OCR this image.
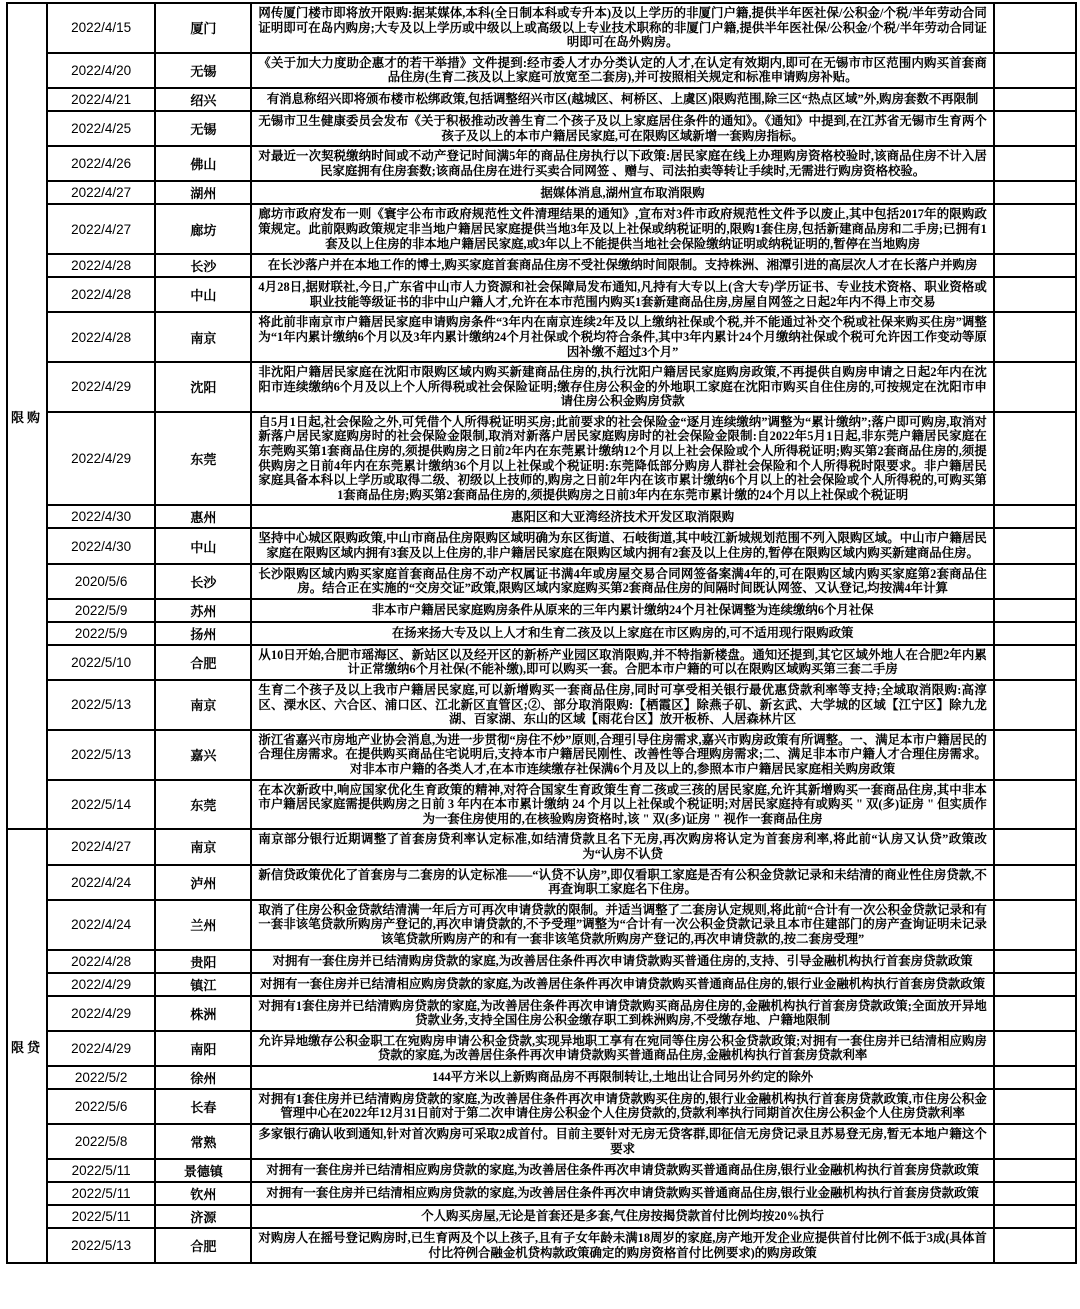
限购	2022/4/15	厦门	网传厦门楼市即将放开限购:据某媒体,本科(全日制本科或专升本)及以上学历的非厦门户籍,提供半年医社保/公积金/个税/半年劳动合同证明即可在岛内购房;大专及以上学历或中级以上或高级以上专业技术职称的非厦门户籍,提供半年医社保/公积金/个税/半年劳动合同证明即可在岛外购房。	
	2022/4/20	无锡	《关于加大力度助企惠才的若干举措》文件提到:经市委人才办分类认定的人才,在认定有效期内,即可在无锡市市区范围内购买首套商品住房(生育二孩及以上家庭可放宽至二套房),并可按照相关规定和标准申请购房补贴。	
	2022/4/21	绍兴	有消息称绍兴即将颁布楼市松绑政策,包括调整绍兴市区(越城区、柯桥区、上虞区)限购范围,除三区“热点区域”外,购房套数不再限制	
	2022/4/25	无锡	无锡市卫生健康委员会发布《关于积极推动改善生育二个孩子及以上家庭居住条件的通知》。《通知》中提到,在江苏省无锡市生育两个孩子及以上的本市户籍居民家庭,可在限购区域新增一套购房指标。	
	2022/4/26	佛山	对最近一次契税缴纳时间或不动产登记时间满5年的商品住房执行以下政策:居民家庭在线上办理购房资格校验时,该商品住房不计入居民家庭拥有住房套数;该商品住房在进行买卖合同网签 、赠与、司法拍卖等转让手续时,无需进行购房资格校验。	
	2022/4/27	湖州	据媒体消息,湖州宣布取消限购	
	2022/4/27	廊坊	廊坊市政府发布一则《寰宇公布市政府规范性文件清理结果的通知》,宣布对3件市政府规范性文件予以废止,其中包括2017年的限购政策规定。此前限购政策规定非当地户籍居民家庭提供当地3年及以上社保或纳税证明的,限购1套住房,包括新建商品房和二手房;已拥有1套及以上住房的非本地户籍居民家庭,或3年以上不能提供当地社会保险缴纳证明或纳税证明的,暂停在当地购房	
	2022/4/28	长沙	在长沙落户并在本地工作的博士,购买家庭首套商品住房不受社保缴纳时间限制。支持株洲、湘潭引进的高层次人才在长落户并购房	
	2022/4/28	中山	4月28日,据财联社,今日,广东省中山市人力资源和社会保障局发布通知,凡持有大专以上(含大专)学历证书、专业技术资格、职业资格或职业技能等级证书的非中山户籍人才,允许在本市范围内购买1套新建商品住房,房屋自网签之日起2年内不得上市交易	
	2022/4/28	南京	将此前非南京市户籍居民家庭申请购房条件“3年内在南京连续2年及以上缴纳社保或个税,并不能通过补交个税或社保来购买住房”调整为“1年内累计缴纳6个月以及3年内累计缴纳24个月社保或个税均符合条件,其中3年内累计24个月缴纳社保或个税可允许因工作变动等原因补缴不超过3个月”	
	2022/4/29	沈阳	非沈阳户籍居民家庭在沈阳市限购区域内购买新建商品住房的,执行沈阳户籍居民家庭购房政策,不再提供自购房申请之日起2年内在沈阳市连续缴纳6个月及以上个人所得税或社会保险证明;缴存住房公积金的外地职工家庭在沈阳市购买自住住房的,可按规定在沈阳市申请住房公积金购房贷款	
	2022/4/29	东莞	自5月1日起,社会保险之外,可凭借个人所得税证明买房;此前要求的社会保险金“逐月连续缴纳”调整为“累计缴纳”;落户即可购房,取消对新落户居民家庭购房时的社会保险金限制,取消对新落户居民家庭购房时的社会保险金限制:自2022年5月1日起,非东莞户籍居民家庭在东莞购买第1套商品住房的,须提供购房之日前2年内在东莞累计缴纳12个月以上社会保险或个人所得税证明;购买第2套商品住房的,须提供购房之日前4年内在东莞累计缴纳36个月以上社保或个税证明:东莞降低部分购房人群社会保险和个人所得税时限要求。非户籍居民家庭具备本科以上学历或取得二级、初级以上技师的,购房之日前2年内在该市累计缴纳6个月以上的社会保险或个人所得税的,可购买第1套商品住房;购买第2套商品住房的,须提供购房之日前3年内在东莞市累计缴的24个月以上社保或个税证明	
	2022/4/30	惠州	惠阳区和大亚湾经济技术开发区取消限购	
	2022/4/30	中山	坚持中心城区限购政策,中山市商品住房限购区域明确为东区街道、石岐街道,其中岐江新城规划范围不列入限购区域。中山市户籍居民家庭在限购区域内拥有3套及以上住房的,非户籍居民家庭在限购区域内拥有2套及以上住房的,暂停在限购区域内购买新建商品住房。	
	2020/5/6	长沙	长沙限购区域内购买家庭首套商品住房不动产权属证书满4年或房屋交易合同网签备案满4年的,可在限购区域内购买家庭第2套商品住房。结合正在实施的“交房交证”政策,限购区域内家庭购买第2套商品住房的间隔时间既认网签、又认登记,均按满4年计算	
	2022/5/9	苏州	非本市户籍居民家庭购房条件从原来的三年内累计缴纳24个月社保调整为连续缴纳6个月社保	
	2022/5/9	扬州	在扬来扬大专及以上人才和生育二孩及以上家庭在市区购房的,可不适用现行限购政策	
	2022/5/10	合肥	从10日开始,合肥市瑶海区、新站区以及经开区的新桥产业园区取消限购,并不特指新楼盘。通知还提到,其它区域外地人在合肥2年内累计正常缴纳6个月社保(不能补缴),即可以购买一套。合肥本市户籍的可以在限购区域购买第三套二手房	
	2022/5/13	南京	生育二个孩子及以上我市户籍居民家庭,可以新增购买一套商品住房,同时可享受相关银行最优惠贷款利率等支持;全域取消限购:高淳区、溧水区、六合区、浦口区、江北新区直管区;②、部分取消限购:【栖霞区】除燕子矶、新玄武、大学城的区域【江宁区】除九龙湖、百家湖、东山的区域【雨花台区】放开板桥、人居森林片区	
	2022/5/13	嘉兴	浙江省嘉兴市房地产业协会消息,为进一步贯彻“房住不炒”原则,合理引导住房需求,嘉兴市购房政策有所调整。一、满足本市户籍居民的合理住房需求。在提供购买商品住宅说明后,支持本市户籍居民刚性、改善性等合理购房需求;二、满足非本市户籍人才合理住房需求。对非本市户籍的各类人才,在本市连续缴存社保满6个月及以上的,参照本市户籍居民家庭相关购房政策	
	2022/5/14	东莞	在本次新政中,响应国家优化生育政策的精神,对符合国家生育政策生育二孩或三孩的居民家庭,允许其新增购买一套商品住房,其中非本市户籍居民家庭需提供购房之日前 3 年内在本市累计缴纳 24 个月以上社保或个税证明;对居民家庭持有或购买 " 双(多)证房 " 但实质作为一套住房使用的,在核验购房资格时,该 " 双(多)证房 " 视作一套商品住房	
限贷	2022/4/27	南京	南京部分银行近期调整了首套房贷利率认定标准,如结清贷款且名下无房,再次购房将认定为首套房利率,将此前“认房又认贷”政策改为“认房不认贷	
	2022/4/24	泸州	新信贷政策优化了首套房与二套房的认定标准——“认贷不认房”,即仅看职工家庭是否有公积金贷款记录和未结清的商业性住房贷款,不再查询职工家庭名下住房。	
	2022/4/24	兰州	取消了住房公积金贷款结清满一年后方可再次申请贷款的限制。并适当调整了二套房认定规则,将此前“合计有一次公积金贷款记录和有一套非该笔贷款所购房产登记的,再次申请贷款的,不予受理”调整为“合计有一次公积金贷款记录且本市住建部门的房产查询证明未记录该笔贷款所购房产的和有一套非该笔贷款所购房产登记的,再次申请贷款的,按二套房受理”	
	2022/4/28	贵阳	对拥有一套住房并已结清购房贷款的家庭,为改善居住条件再次申请贷款购买普通住房的,支持、引导金融机构执行首套房贷款政策	
	2022/4/29	镇江	对拥有一套住房并已结清相应购房贷款的家庭,为改善居住条件再次申请贷款购买普通商品住房的,银行业金融机构执行首套房贷款政策	
	2022/4/29	株洲	对拥有1套住房并已结清购房贷款的家庭,为改善居住条件再次申请贷款购买商品房住房的,金融机构执行首套房贷款政策;全面放开异地贷款业务,支持全国住房公积金缴存职工到株洲购房,不受缴存地、户籍地限制	
	2022/4/29	南阳	允许异地缴存公积金职工在宛购房申请公积金贷款,实现异地职工享有在宛同等住房公积金贷款政策;对拥有一套住房并已结清相应购房贷款的家庭,为改善居住条件再次申请贷款购买普通商品住房,金融机构执行首套房贷款利率	
	2022/5/2	徐州	144平方米以上新购商品房不再限制转让,土地出让合同另外约定的除外	
	2022/5/6	长春	对拥有1套住房并已结清购房贷款的家庭,为改善居住条件再次申请贷款购买住房的,银行业金融机构执行首套房贷款政策,市住房公积金管理中心在2022年12月31日前对于第二次申请住房公积金个人住房贷款的,贷款利率执行同期首次住房公积金个人住房贷款利率	
	2022/5/8	常熟	多家银行确认收到通知,针对首次购房可采取2成首付。目前主要针对无房无贷客群,即征信无房贷记录且苏易登无房,暂无本地户籍这个要求	
	2022/5/11	景德镇	对拥有一套住房并已结清相应购房贷款的家庭,为改善居住条件再次申请贷款购买普通商品住房,银行业金融机构执行首套房贷款政策	
	2022/5/11	钦州	对拥有一套住房并已结清相应购房贷款的家庭,为改善居住条件再次申请贷款购买普通商品住房,银行业金融机构执行首套房贷款政策	
	2022/5/11	济源	个人购买房屋,无论是首套还是多套,气住房按揭贷款首付比例均按20%执行	
	2022/5/13	合肥	对购房人在摇号登记购房时,已生育两及个以上孩子,且有子女年龄未满18周岁的家庭,房产地开发企业应提供首付比例不低于3成(具体首付比符例合融金机贷构款政策确定的购房资格首付比例要求)的购房政策	
